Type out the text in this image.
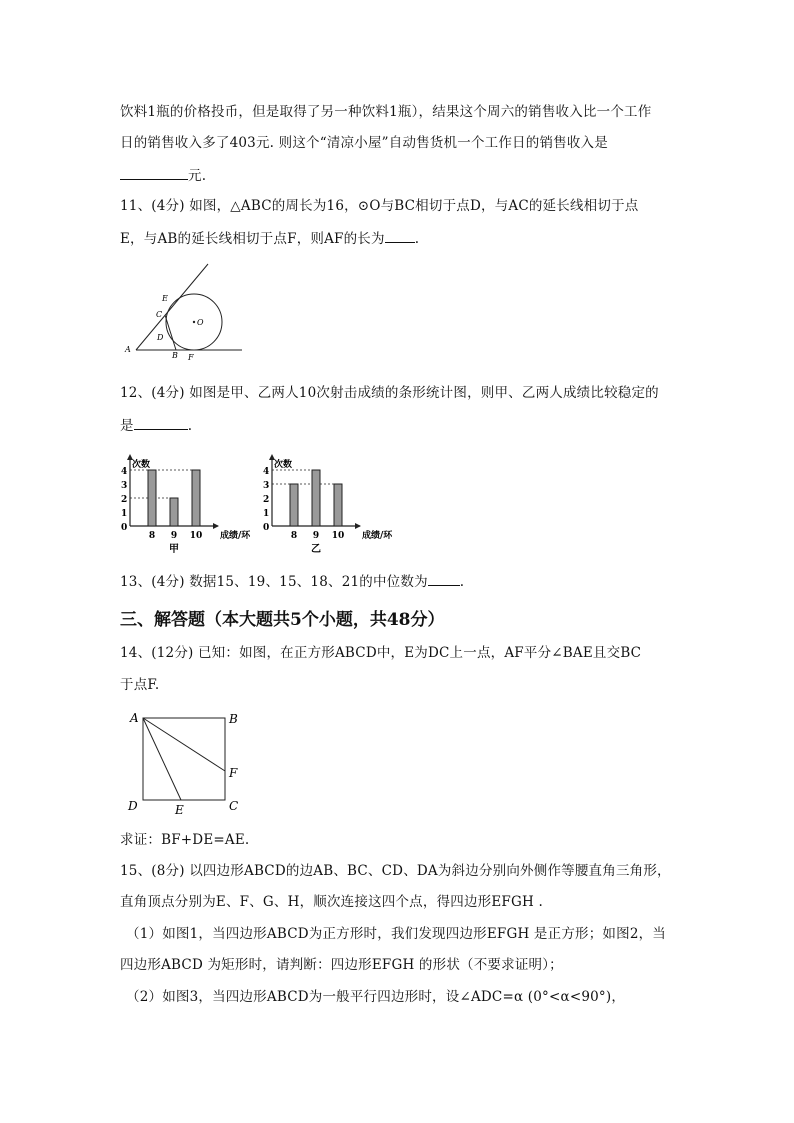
饮料1瓶的价格投币，但是取得了另一种饮料1瓶），结果这个周六的销售收入比一个工作
日的销售收入多了403元. 则这个“清凉小屋”自动售货机一个工作日的销售收入是
元.
11、(4分) 如图，△ABC的周长为16，⊙O与BC相切于点D，与AC的延长线相切于点
E，与AB的延长线相切于点F，则AF的长为 .
E
C
D
A
B F
O
12、(4分) 如图是甲、乙两人10次射击成绩的条形统计图，则甲、乙两人成绩比较稳定的
是	.
0
1
2
3
4
次数
8 9 10 成绩/环
甲
0
1
2
3
4
次数
8 9 10 成绩/环
乙
13、(4分) 数据15、19、15、18、21的中位数为 .
三、解答题（本大题共5个小题，共48分）
14、(12分) 已知：如图，在正方形ABCD中，E为DC上一点，AF平分∠BAE且交BC
于点F.
A	B
C
D	E
F
求证：BF+DE=AE.
15、(8分) 以四边形ABCD的边AB、BC、CD、DA为斜边分别向外侧作等腰直角三角形，
直角顶点分别为E、F、G、H，顺次连接这四个点，得四边形EFGH .
（1）如图1，当四边形ABCD为正方形时，我们发现四边形EFGH 是正方形；如图2，当
四边形ABCD 为矩形时，请判断：四边形EFGH 的形状（不要求证明）；
（2）如图3，当四边形ABCD为一般平行四边形时，设∠ADC=α (0°<α<90°)，
